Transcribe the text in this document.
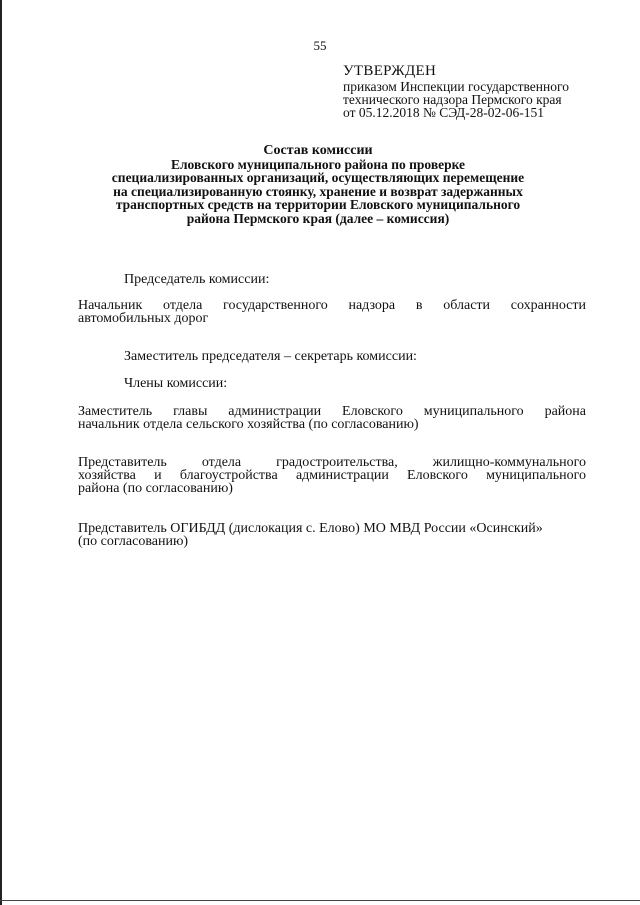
55
УТВЕРЖДЕН
приказом Инспекции государственного
технического надзора Пермского края
от 05.12.2018 № СЭД-28-02-06-151
Состав комиссии
Еловского муниципального района по проверке
специализированных организаций, осуществляющих перемещение
на специализированную стоянку, хранение и возврат задержанных
транспортных средств на территории Еловского муниципального
района Пермского края (далее – комиссия)
Председатель комиссии:
Начальник отдела государственного надзора в области сохранности
автомобильных дорог
Заместитель председателя – секретарь комиссии:
Члены комиссии:
Заместитель главы администрации Еловского муниципального района
начальник отдела сельского хозяйства (по согласованию)
Представитель отдела градостроительства, жилищно-коммунального
хозяйства и благоустройства администрации Еловского муниципального
района (по согласованию)
Представитель ОГИБДД (дислокация с. Елово) МО МВД России «Осинский»
(по согласованию)
